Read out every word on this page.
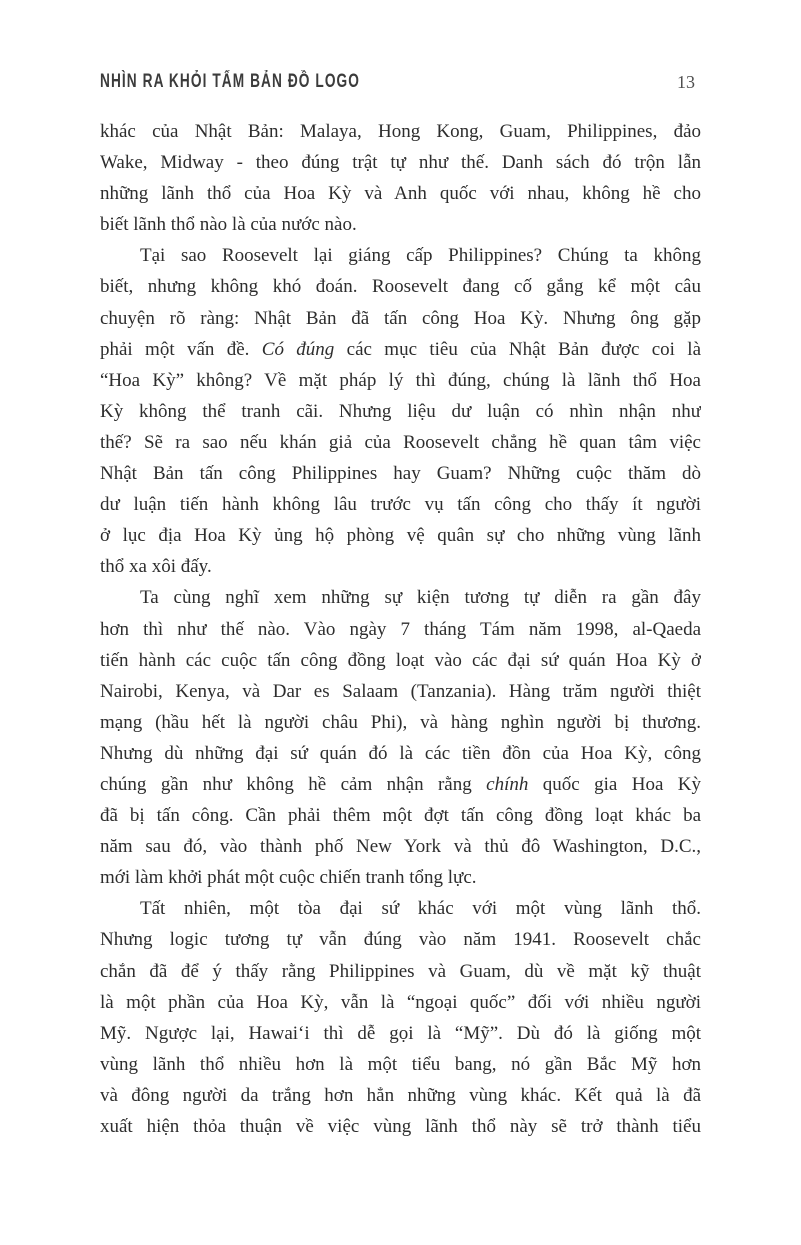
NHÌN RA KHỎI TẤM BẢN ĐỒ LOGO	13
khác của Nhật Bản: Malaya, Hong Kong, Guam, Philippines, đảo
Wake, Midway - theo đúng trật tự như thế. Danh sách đó trộn lẫn
những lãnh thổ của Hoa Kỳ và Anh quốc với nhau, không hề cho
biết lãnh thổ nào là của nước nào.
Tại sao Roosevelt lại giáng cấp Philippines? Chúng ta không
biết, nhưng không khó đoán. Roosevelt đang cố gắng kể một câu
chuyện rõ ràng: Nhật Bản đã tấn công Hoa Kỳ. Nhưng ông gặp
phải một vấn đề. Có đúng các mục tiêu của Nhật Bản được coi là
“Hoa Kỳ” không? Về mặt pháp lý thì đúng, chúng là lãnh thổ Hoa
Kỳ không thể tranh cãi. Nhưng liệu dư luận có nhìn nhận như
thế? Sẽ ra sao nếu khán giả của Roosevelt chẳng hề quan tâm việc
Nhật Bản tấn công Philippines hay Guam? Những cuộc thăm dò
dư luận tiến hành không lâu trước vụ tấn công cho thấy ít người
ở lục địa Hoa Kỳ ủng hộ phòng vệ quân sự cho những vùng lãnh
thổ xa xôi đấy.
Ta cùng nghĩ xem những sự kiện tương tự diễn ra gần đây
hơn thì như thế nào. Vào ngày 7 tháng Tám năm 1998, al-Qaeda
tiến hành các cuộc tấn công đồng loạt vào các đại sứ quán Hoa Kỳ ở
Nairobi, Kenya, và Dar es Salaam (Tanzania). Hàng trăm người thiệt
mạng (hầu hết là người châu Phi), và hàng nghìn người bị thương.
Nhưng dù những đại sứ quán đó là các tiền đồn của Hoa Kỳ, công
chúng gần như không hề cảm nhận rằng chính quốc gia Hoa Kỳ
đã bị tấn công. Cần phải thêm một đợt tấn công đồng loạt khác ba
năm sau đó, vào thành phố New York và thủ đô Washington, D.C.,
mới làm khởi phát một cuộc chiến tranh tổng lực.
Tất nhiên, một tòa đại sứ khác với một vùng lãnh thổ.
Nhưng logic tương tự vẫn đúng vào năm 1941. Roosevelt chắc
chắn đã để ý thấy rằng Philippines và Guam, dù về mặt kỹ thuật
là một phần của Hoa Kỳ, vẫn là “ngoại quốc” đối với nhiều người
Mỹ. Ngược lại, Hawai‘i thì dễ gọi là “Mỹ”. Dù đó là giống một
vùng lãnh thổ nhiều hơn là một tiểu bang, nó gần Bắc Mỹ hơn
và đông người da trắng hơn hẳn những vùng khác. Kết quả là đã
xuất hiện thỏa thuận về việc vùng lãnh thổ này sẽ trở thành tiểu
